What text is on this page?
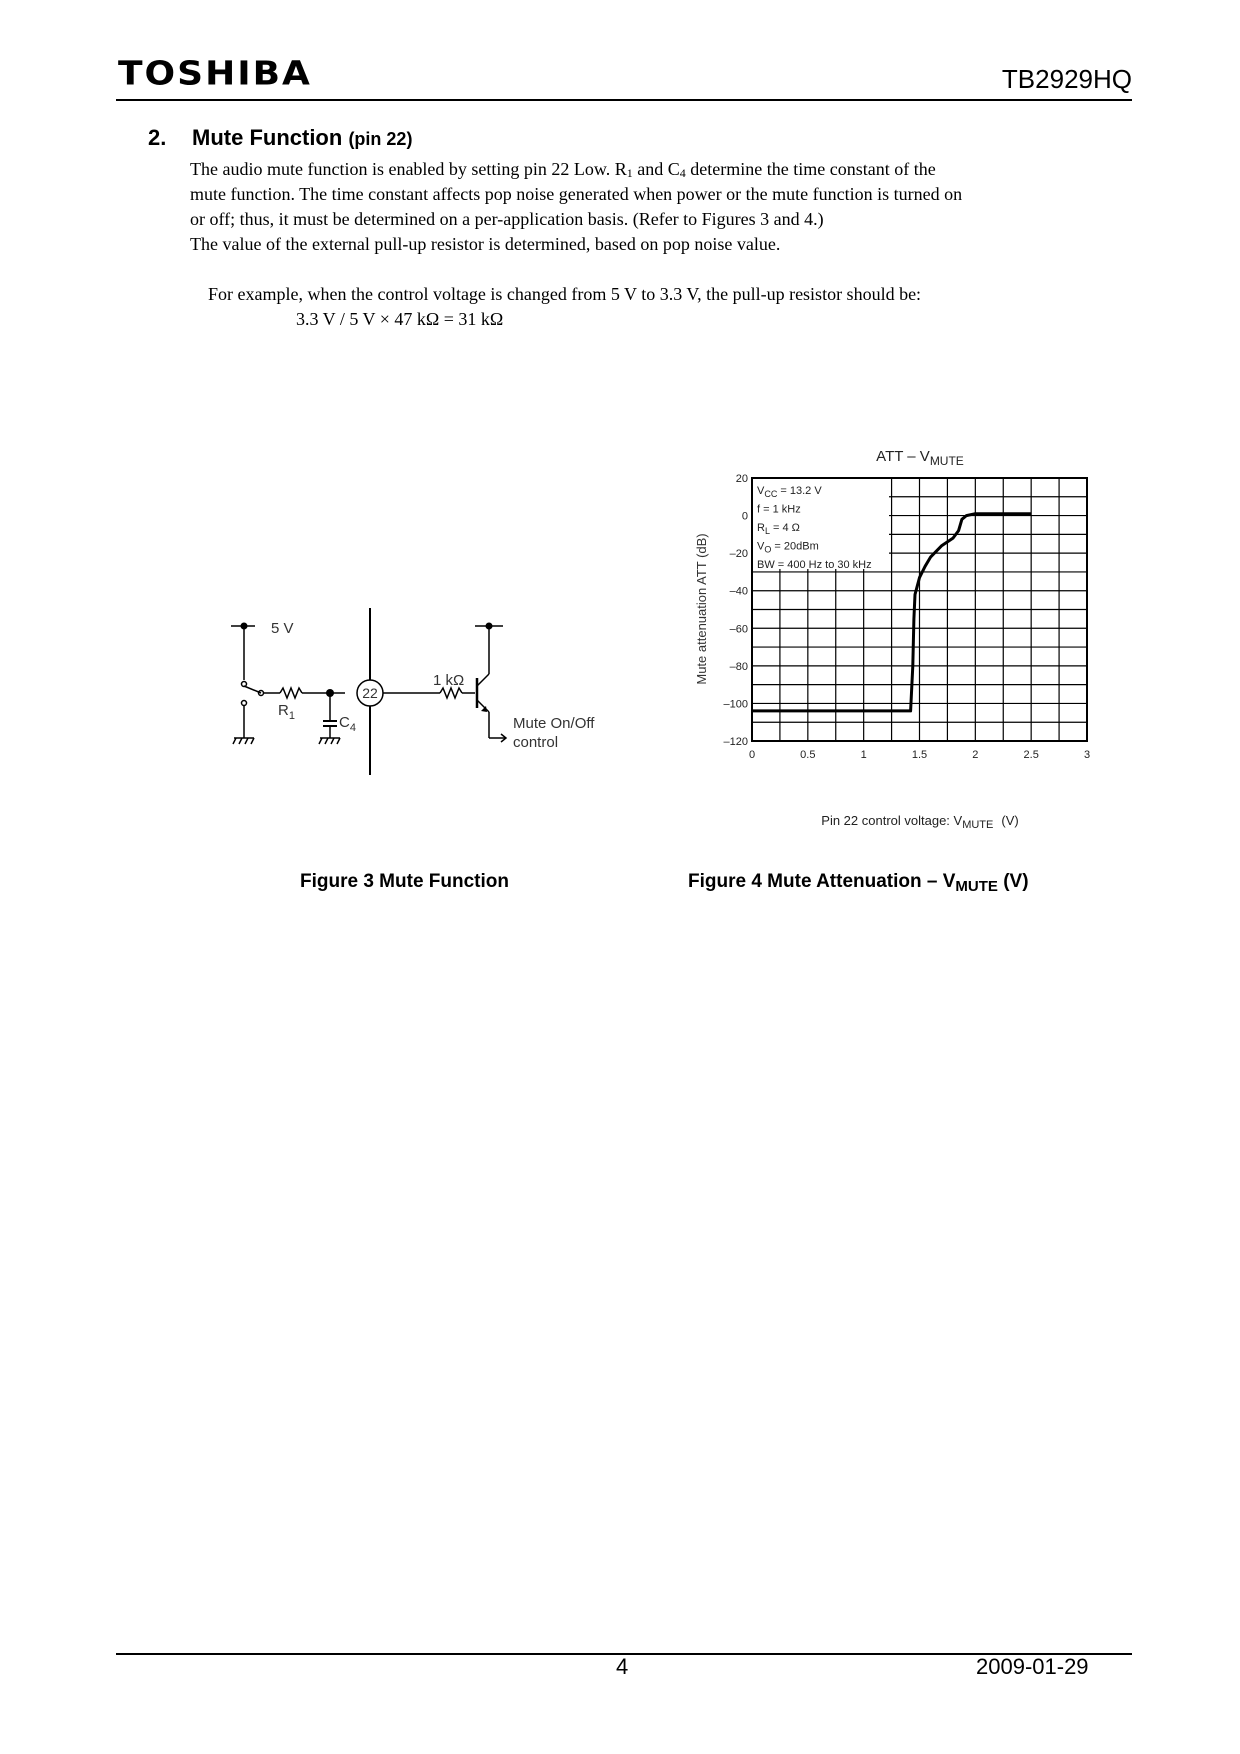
TOSHIBA	TB2929HQ
2. Mute Function (pin 22)
The audio mute function is enabled by setting pin 22 Low. $R_1$ and $C_4$ determine the time constant of the
mute function. The time constant affects pop noise generated when power or the mute function is turned on
or off; thus, it must be determined on a per-application basis. (Refer to Figures 3 and 4.)
The value of the external pull-up resistor is determined, based on pop noise value.
For example, when the control voltage is changed from 5 V to 3.3 V, the pull-up resistor should be:
3.3 V / 5 V × 47 kΩ = 31 kΩ
5 V
$R_1$	$C_4$
22
1 kΩ
Mute On/Off
control
ATT – $V_{MUTE}$
$V_{CC} = 13.2$ V
f = 1 kHz
$R_L = 4$ Ω
$V_O = 20dBm$
BW = 400 Hz to 30 kHz
20
0
–20
–40
–60
–80
–100
–120
0	0.5	1	1.5	2	2.5	3
Mute attenuation ATT (dB)
Pin 22 control voltage: $V_{MUTE}$ (V)
Figure 3 Mute Function	Figure 4 Mute Attenuation – $V_{MUTE}$ (V)
4	2009-01-29
